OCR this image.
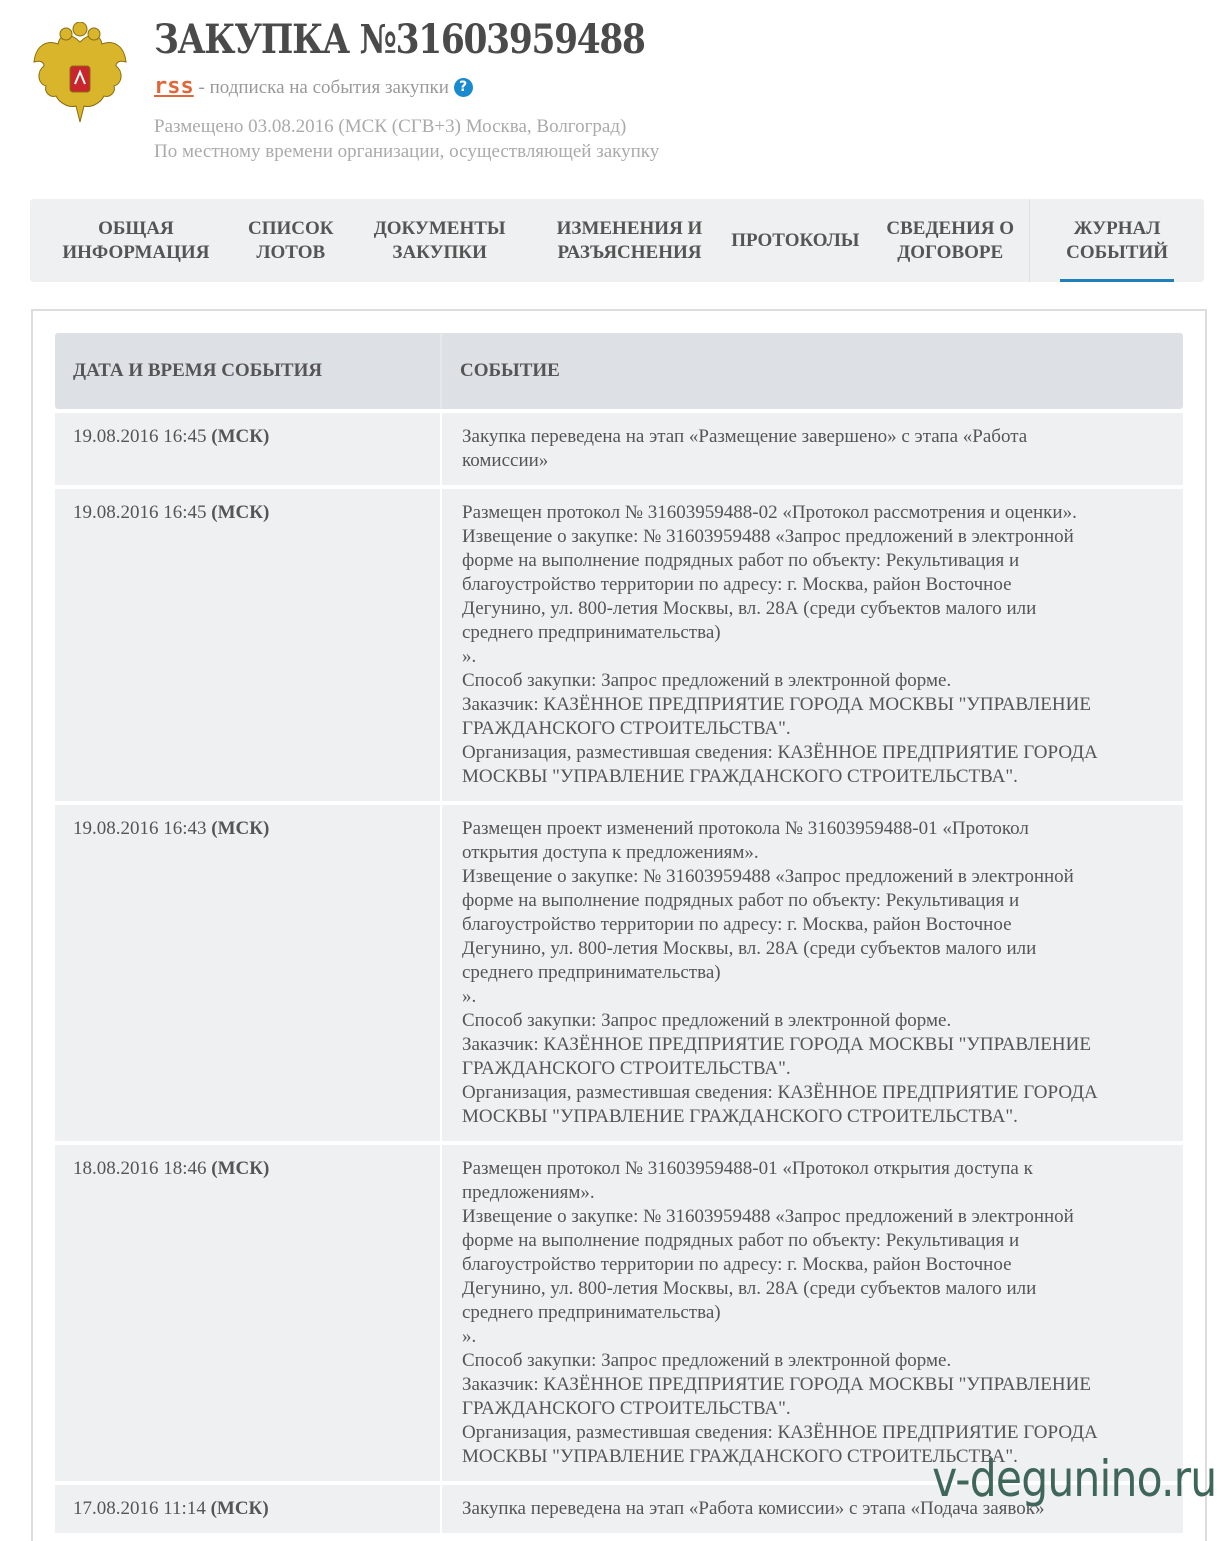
ЗАКУПКА №31603959488
rss - подписка на события закупки ?
Размещено 03.08.2016 (МСК (СГВ+3) Москва, Волгоград)
По местному времени организации, осуществляющей закупку
ОБЩАЯ
ИНФОРМАЦИЯ
СПИСОК
ЛОТОВ
ДОКУМЕНТЫ
ЗАКУПКИ
ИЗМЕНЕНИЯ И
РАЗЪЯСНЕНИЯ
ПРОТОКОЛЫ
СВЕДЕНИЯ О
ДОГОВОРЕ
ЖУРНАЛ
СОБЫТИЙ
ДАТА И ВРЕМЯ СОБЫТИЯ	СОБЫТИЕ
19.08.2016 16:45 (МСК)	Закупка переведена на этап «Размещение завершено» с этапа «Работа
комиссии»
19.08.2016 16:45 (МСК)	Размещен протокол № 31603959488-02 «Протокол рассмотрения и оценки».
Извещение о закупке: № 31603959488 «Запрос предложений в электронной
форме на выполнение подрядных работ по объекту: Рекультивация и
благоустройство территории по адресу: г. Москва, район Восточное
Дегунино, ул. 800-летия Москвы, вл. 28А (среди субъектов малого или
среднего предпринимательства)
».
Способ закупки: Запрос предложений в электронной форме.
Заказчик: КАЗЁННОЕ ПРЕДПРИЯТИЕ ГОРОДА МОСКВЫ "УПРАВЛЕНИЕ
ГРАЖДАНСКОГО СТРОИТЕЛЬСТВА".
Организация, разместившая сведения: КАЗЁННОЕ ПРЕДПРИЯТИЕ ГОРОДА
МОСКВЫ "УПРАВЛЕНИЕ ГРАЖДАНСКОГО СТРОИТЕЛЬСТВА".
19.08.2016 16:43 (МСК)	Размещен проект изменений протокола № 31603959488-01 «Протокол
открытия доступа к предложениям».
Извещение о закупке: № 31603959488 «Запрос предложений в электронной
форме на выполнение подрядных работ по объекту: Рекультивация и
благоустройство территории по адресу: г. Москва, район Восточное
Дегунино, ул. 800-летия Москвы, вл. 28А (среди субъектов малого или
среднего предпринимательства)
».
Способ закупки: Запрос предложений в электронной форме.
Заказчик: КАЗЁННОЕ ПРЕДПРИЯТИЕ ГОРОДА МОСКВЫ "УПРАВЛЕНИЕ
ГРАЖДАНСКОГО СТРОИТЕЛЬСТВА".
Организация, разместившая сведения: КАЗЁННОЕ ПРЕДПРИЯТИЕ ГОРОДА
МОСКВЫ "УПРАВЛЕНИЕ ГРАЖДАНСКОГО СТРОИТЕЛЬСТВА".
18.08.2016 18:46 (МСК)	Размещен протокол № 31603959488-01 «Протокол открытия доступа к
предложениям».
Извещение о закупке: № 31603959488 «Запрос предложений в электронной
форме на выполнение подрядных работ по объекту: Рекультивация и
благоустройство территории по адресу: г. Москва, район Восточное
Дегунино, ул. 800-летия Москвы, вл. 28А (среди субъектов малого или
среднего предпринимательства)
».
Способ закупки: Запрос предложений в электронной форме.
Заказчик: КАЗЁННОЕ ПРЕДПРИЯТИЕ ГОРОДА МОСКВЫ "УПРАВЛЕНИЕ
ГРАЖДАНСКОГО СТРОИТЕЛЬСТВА".
Организация, разместившая сведения: КАЗЁННОЕ ПРЕДПРИЯТИЕ ГОРОДА
МОСКВЫ "УПРАВЛЕНИЕ ГРАЖДАНСКОГО СТРОИТЕЛЬСТВА".
17.08.2016 11:14 (МСК)	Закупка переведена на этап «Работа комиссии» с этапа «Подача заявок»
v-degunino.ru
